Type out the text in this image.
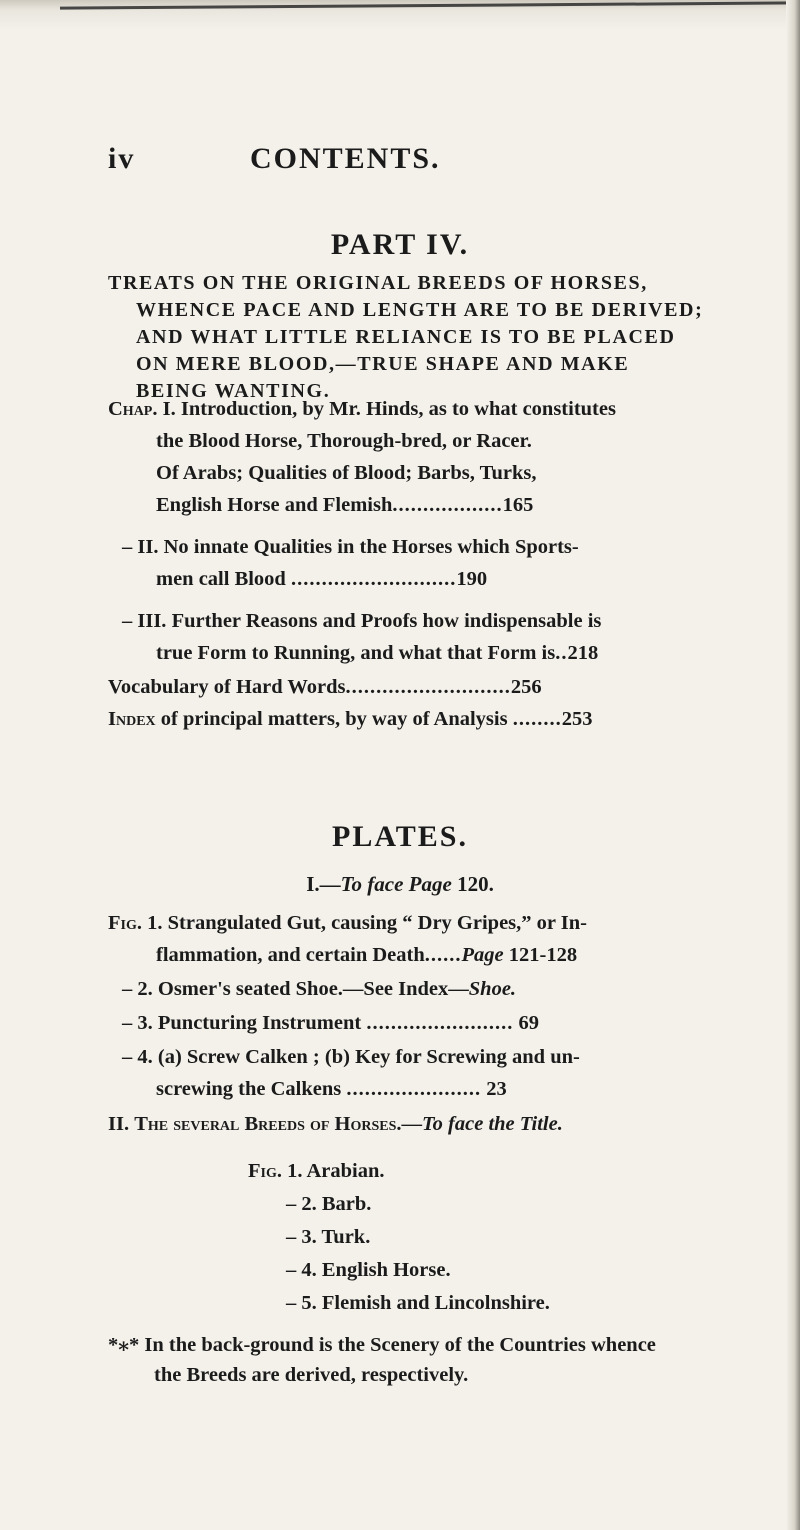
iv	CONTENTS.
PART IV.
TREATS ON THE ORIGINAL BREEDS OF HORSES,
WHENCE PACE AND LENGTH ARE TO BE DERIVED;
AND WHAT LITTLE RELIANCE IS TO BE PLACED
ON MERE BLOOD,—TRUE SHAPE AND MAKE
BEING WANTING.
Chap. I. Introduction, by Mr. Hinds, as to what constitutes
the Blood Horse, Thorough-bred, or Racer.
Of Arabs; Qualities of Blood; Barbs, Turks,
English Horse and Flemish..................165
– II. No innate Qualities in the Horses which Sports-
men call Blood ...........................190
– III. Further Reasons and Proofs how indispensable is
true Form to Running, and what that Form is..218
Vocabulary of Hard Words...........................256
Index of principal matters, by way of Analysis ........253
PLATES.
I.—To face Page 120.
Fig. 1. Strangulated Gut, causing “ Dry Gripes,” or In-
flammation, and certain Death......Page 121-128
– 2. Osmer's seated Shoe.—See Index—Shoe.
– 3. Puncturing Instrument ........................ 69
– 4. (a) Screw Calken ; (b) Key for Screwing and un-
screwing the Calkens ...................... 23
II. The several Breeds of Horses.—To face the Title.
Fig. 1. Arabian.
– 2. Barb.
– 3. Turk.
– 4. English Horse.
– 5. Flemish and Lincolnshire.
*⁎* In the back-ground is the Scenery of the Countries whence
the Breeds are derived, respectively.
